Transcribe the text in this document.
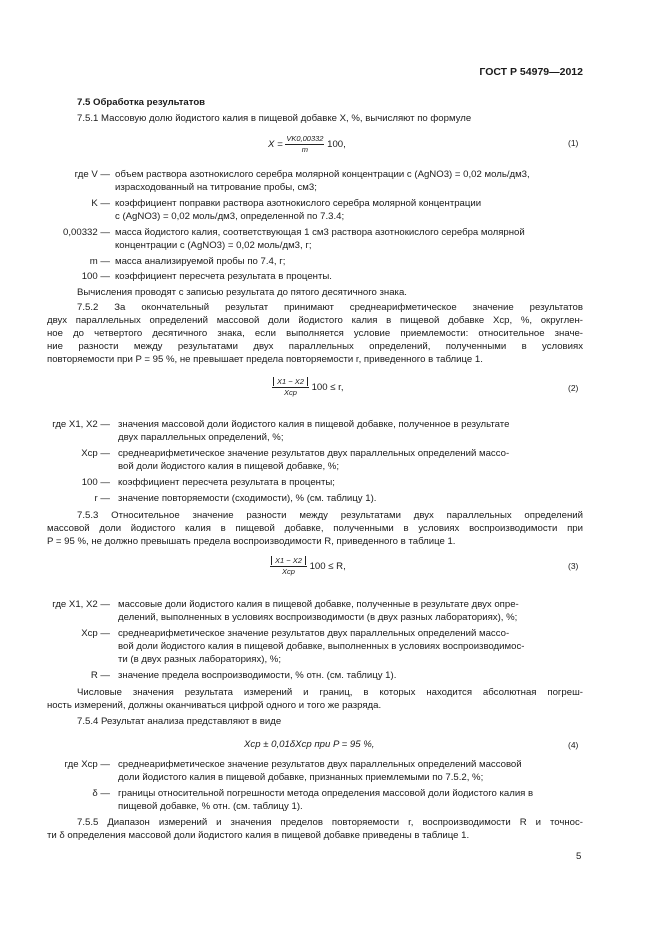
ГОСТ Р 54979—2012
7.5 Обработка результатов
7.5.1 Массовую долю йодистого калия в пищевой добавке X, %, вычисляют по формуле
$X = \frac{VK0,00332}{m} 100$,	(1)
где V — объем раствора азотнокислого серебра молярной концентрации c (AgNO3) = 0,02 моль/дм3,
израсходованный на титрование пробы, см3;
K — коэффициент поправки раствора азотнокислого серебра молярной концентрации
c (AgNO3) = 0,02 моль/дм3, определенной по 7.3.4;
0,00332 — масса йодистого калия, соответствующая 1 см3 раствора азотнокислого серебра молярной
концентрации c (AgNO3) = 0,02 моль/дм3, г;
m — масса анализируемой пробы по 7.4, г;
100 — коэффициент пересчета результата в проценты.
Вычисления проводят с записью результата до пятого десятичного знака.
7.5.2 За окончательный результат принимают среднеарифметическое значение результатов
двух параллельных определений массовой доли йодистого калия в пищевой добавке Xср, %, округлен-
ное до четвертого десятичного знака, если выполняется условие приемлемости: относительное значе-
ние разности между результатами двух параллельных определений, полученными в условиях
повторяемости при P = 95 %, не превышает предела повторяемости r, приведенного в таблице 1.
$\frac{X1 - X2}{\text{Xср}} 100 \le r$,	(2)
где X1, X2 — значения массовой доли йодистого калия в пищевой добавке, полученное в результате
двух параллельных определений, %;
Xср — среднеарифметическое значение результатов двух параллельных определений массо-
вой доли йодистого калия в пищевой добавке, %;
100 — коэффициент пересчета результата в проценты;
r — значение повторяемости (сходимости), % (см. таблицу 1).
7.5.3 Относительное значение разности между результатами двух параллельных определений
массовой доли йодистого калия в пищевой добавке, полученными в условиях воспроизводимости при
P = 95 %, не должно превышать предела воспроизводимости R, приведенного в таблице 1.
$\frac{X1 - X2}{\text{Xср}} 100 \le R$,	(3)
где X1, X2 — массовые доли йодистого калия в пищевой добавке, полученные в результате двух опре-
делений, выполненных в условиях воспроизводимости (в двух разных лабораториях), %;
Xср — среднеарифметическое значение результатов двух параллельных определений массо-
вой доли йодистого калия в пищевой добавке, выполненных в условиях воспроизводимос-
ти (в двух разных лабораториях), %;
R — значение предела воспроизводимости, % отн. (см. таблицу 1).
Числовые значения результата измерений и границ, в которых находится абсолютная погреш-
ность измерений, должны оканчиваться цифрой одного и того же разряда.
7.5.4 Результат анализа представляют в виде
Xср ± 0,01δXср при P = 95 %,	(4)
где Xср — среднеарифметическое значение результатов двух параллельных определений массовой
доли йодистого калия в пищевой добавке, признанных приемлемыми по 7.5.2, %;
δ — границы относительной погрешности метода определения массовой доли йодистого калия в
пищевой добавке, % отн. (см. таблицу 1).
7.5.5 Диапазон измерений и значения пределов повторяемости r, воспроизводимости R и точнос-
ти δ определения массовой доли йодистого калия в пищевой добавке приведены в таблице 1.
5
